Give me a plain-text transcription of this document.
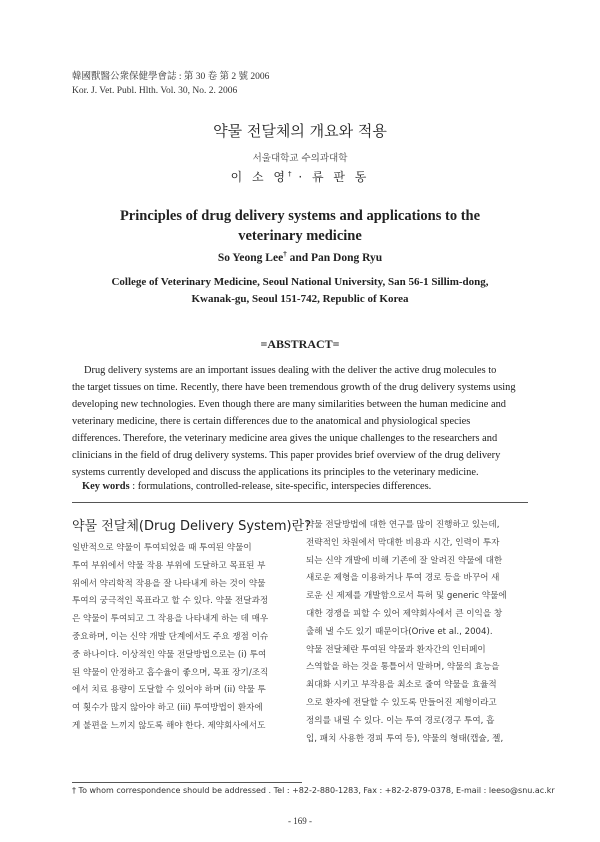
韓國獸醫公衆保健學會誌 : 第 30 卷 第 2 號 2006
Kor. J. Vet. Publ. Hlth. Vol. 30, No. 2. 2006
약물 전달체의 개요와 적용
서울대학교 수의과대학
이 소 영† · 류 판 동
Principles of drug delivery systems and applications to the veterinary medicine
So Yeong Lee† and Pan Dong Ryu
College of Veterinary Medicine, Seoul National University, San 56-1 Sillim-dong, Kwanak-gu, Seoul 151-742, Republic of Korea
=ABSTRACT=
Drug delivery systems are an important issues dealing with the deliver the active drug molecules to
the target tissues on time. Recently, there have been tremendous growth of the drug delivery systems using
developing new technologies. Even though there are many similarities between the human medicine and
veterinary medicine, there is certain differences due to the anatomical and physiological species
differences. Therefore, the veterinary medicine area gives the unique challenges to the researchers and
clinicians in the field of drug delivery systems. This paper provides brief overview of the drug delivery
systems currently developed and discuss the applications its principles to the veterinary medicine.
Key words : formulations, controlled-release, site-specific, interspecies differences.
약물 전달체(Drug Delivery System)란?
일반적으로 약물이 투여되었을 때 투여된 약물이
투여 부위에서 약물 작용 부위에 도달하고 목표된 부
위에서 약리학적 작용을 잘 나타내게 하는 것이 약물
투여의 궁극적인 목표라고 할 수 있다. 약물 전달과정
은 약물이 투여되고 그 작용을 나타내게 하는 데 매우
중요하며, 이는 신약 개발 단계에서도 주요 쟁점 이슈
중 하나이다. 이상적인 약물 전달방법으로는 (i) 투여
된 약물이 안정하고 흡수율이 좋으며, 목표 장기/조직
에서 치료 용량이 도달할 수 있어야 하며 (ii) 약물 투
여 횟수가 많지 않아야 하고 (iii) 투여방법이 환자에
게 불편을 느끼지 않도록 해야 한다. 제약회사에서도
약물 전달방법에 대한 연구를 많이 진행하고 있는데,
전략적인 차원에서 막대한 비용과 시간, 인력이 투자
되는 신약 개발에 비해 기존에 잘 알려진 약물에 대한
새로운 제형을 이용하거나 투여 경로 등을 바꾸어 새
로운 신 제제를 개발함으로서 특허 및 generic 약물에
대한 경쟁을 피할 수 있어 제약회사에서 큰 이익을 창
출해 낼 수도 있기 때문이다(Orive et al., 2004).
약물 전달체란 투여된 약물과 환자간의 인터페이
스역할을 하는 것을 통틀어서 말하며, 약물의 효능을
최대화 시키고 부작용을 최소로 줄여 약물을 효율적
으로 환자에 전달할 수 있도록 만들어진 제형이라고
정의를 내릴 수 있다. 이는 투여 경로(경구 투여, 흡
입, 패치 사용한 경피 투여 등), 약물의 형태(캡슐, 젤,
† To whom correspondence should be addressed . Tel : +82-2-880-1283, Fax : +82-2-879-0378, E-mail : leeso@snu.ac.kr
- 169 -
